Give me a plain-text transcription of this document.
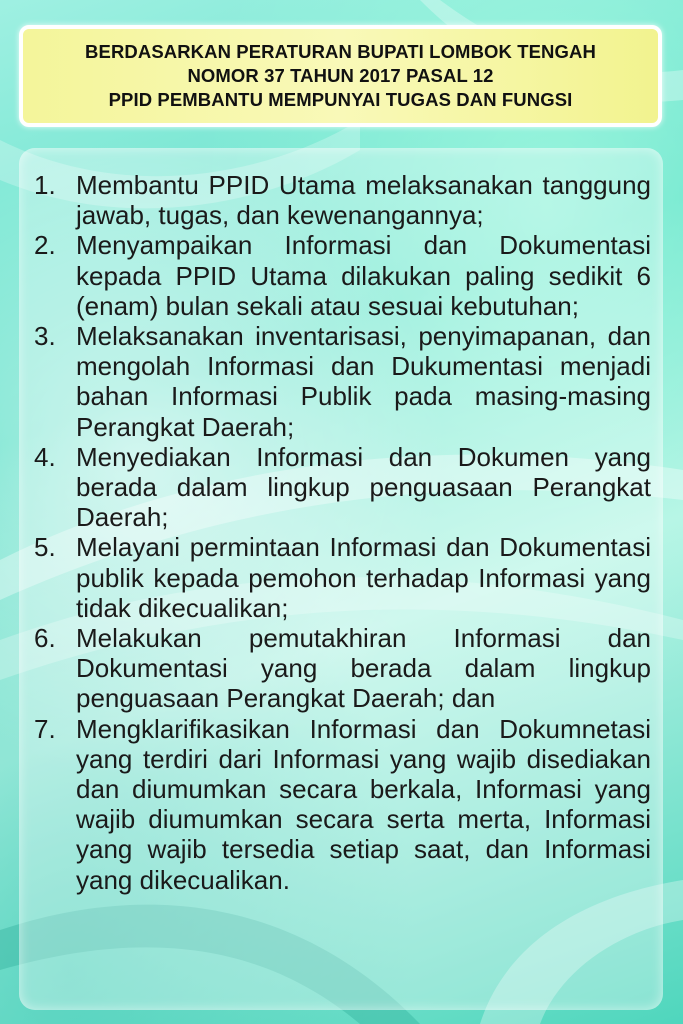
BERDASARKAN PERATURAN BUPATI LOMBOK TENGAH
NOMOR 37 TAHUN 2017 PASAL 12
PPID PEMBANTU MEMPUNYAI TUGAS DAN FUNGSI
1. Membantu PPID Utama melaksanakan tanggung jawab, tugas, dan kewenangannya;
2. Menyampaikan Informasi dan Dokumentasi kepada PPID Utama dilakukan paling sedikit 6 (enam) bulan sekali atau sesuai kebutuhan;
3. Melaksanakan inventarisasi, penyimapanan, dan mengolah Informasi dan Dukumentasi menjadi bahan Informasi Publik pada masing-masing Perangkat Daerah;
4. Menyediakan Informasi dan Dokumen yang berada dalam lingkup penguasaan Perangkat Daerah;
5. Melayani permintaan Informasi dan Dokumentasi publik kepada pemohon terhadap Informasi yang tidak dikecualikan;
6. Melakukan pemutakhiran Informasi dan Dokumentasi yang berada dalam lingkup penguasaan Perangkat Daerah; dan
7. Mengklarifikasikan Informasi dan Dokumnetasi yang terdiri dari Informasi yang wajib disediakan dan diumumkan secara berkala, Informasi yang wajib diumumkan secara serta merta, Informasi yang wajib tersedia setiap saat, dan Informasi yang dikecualikan.
